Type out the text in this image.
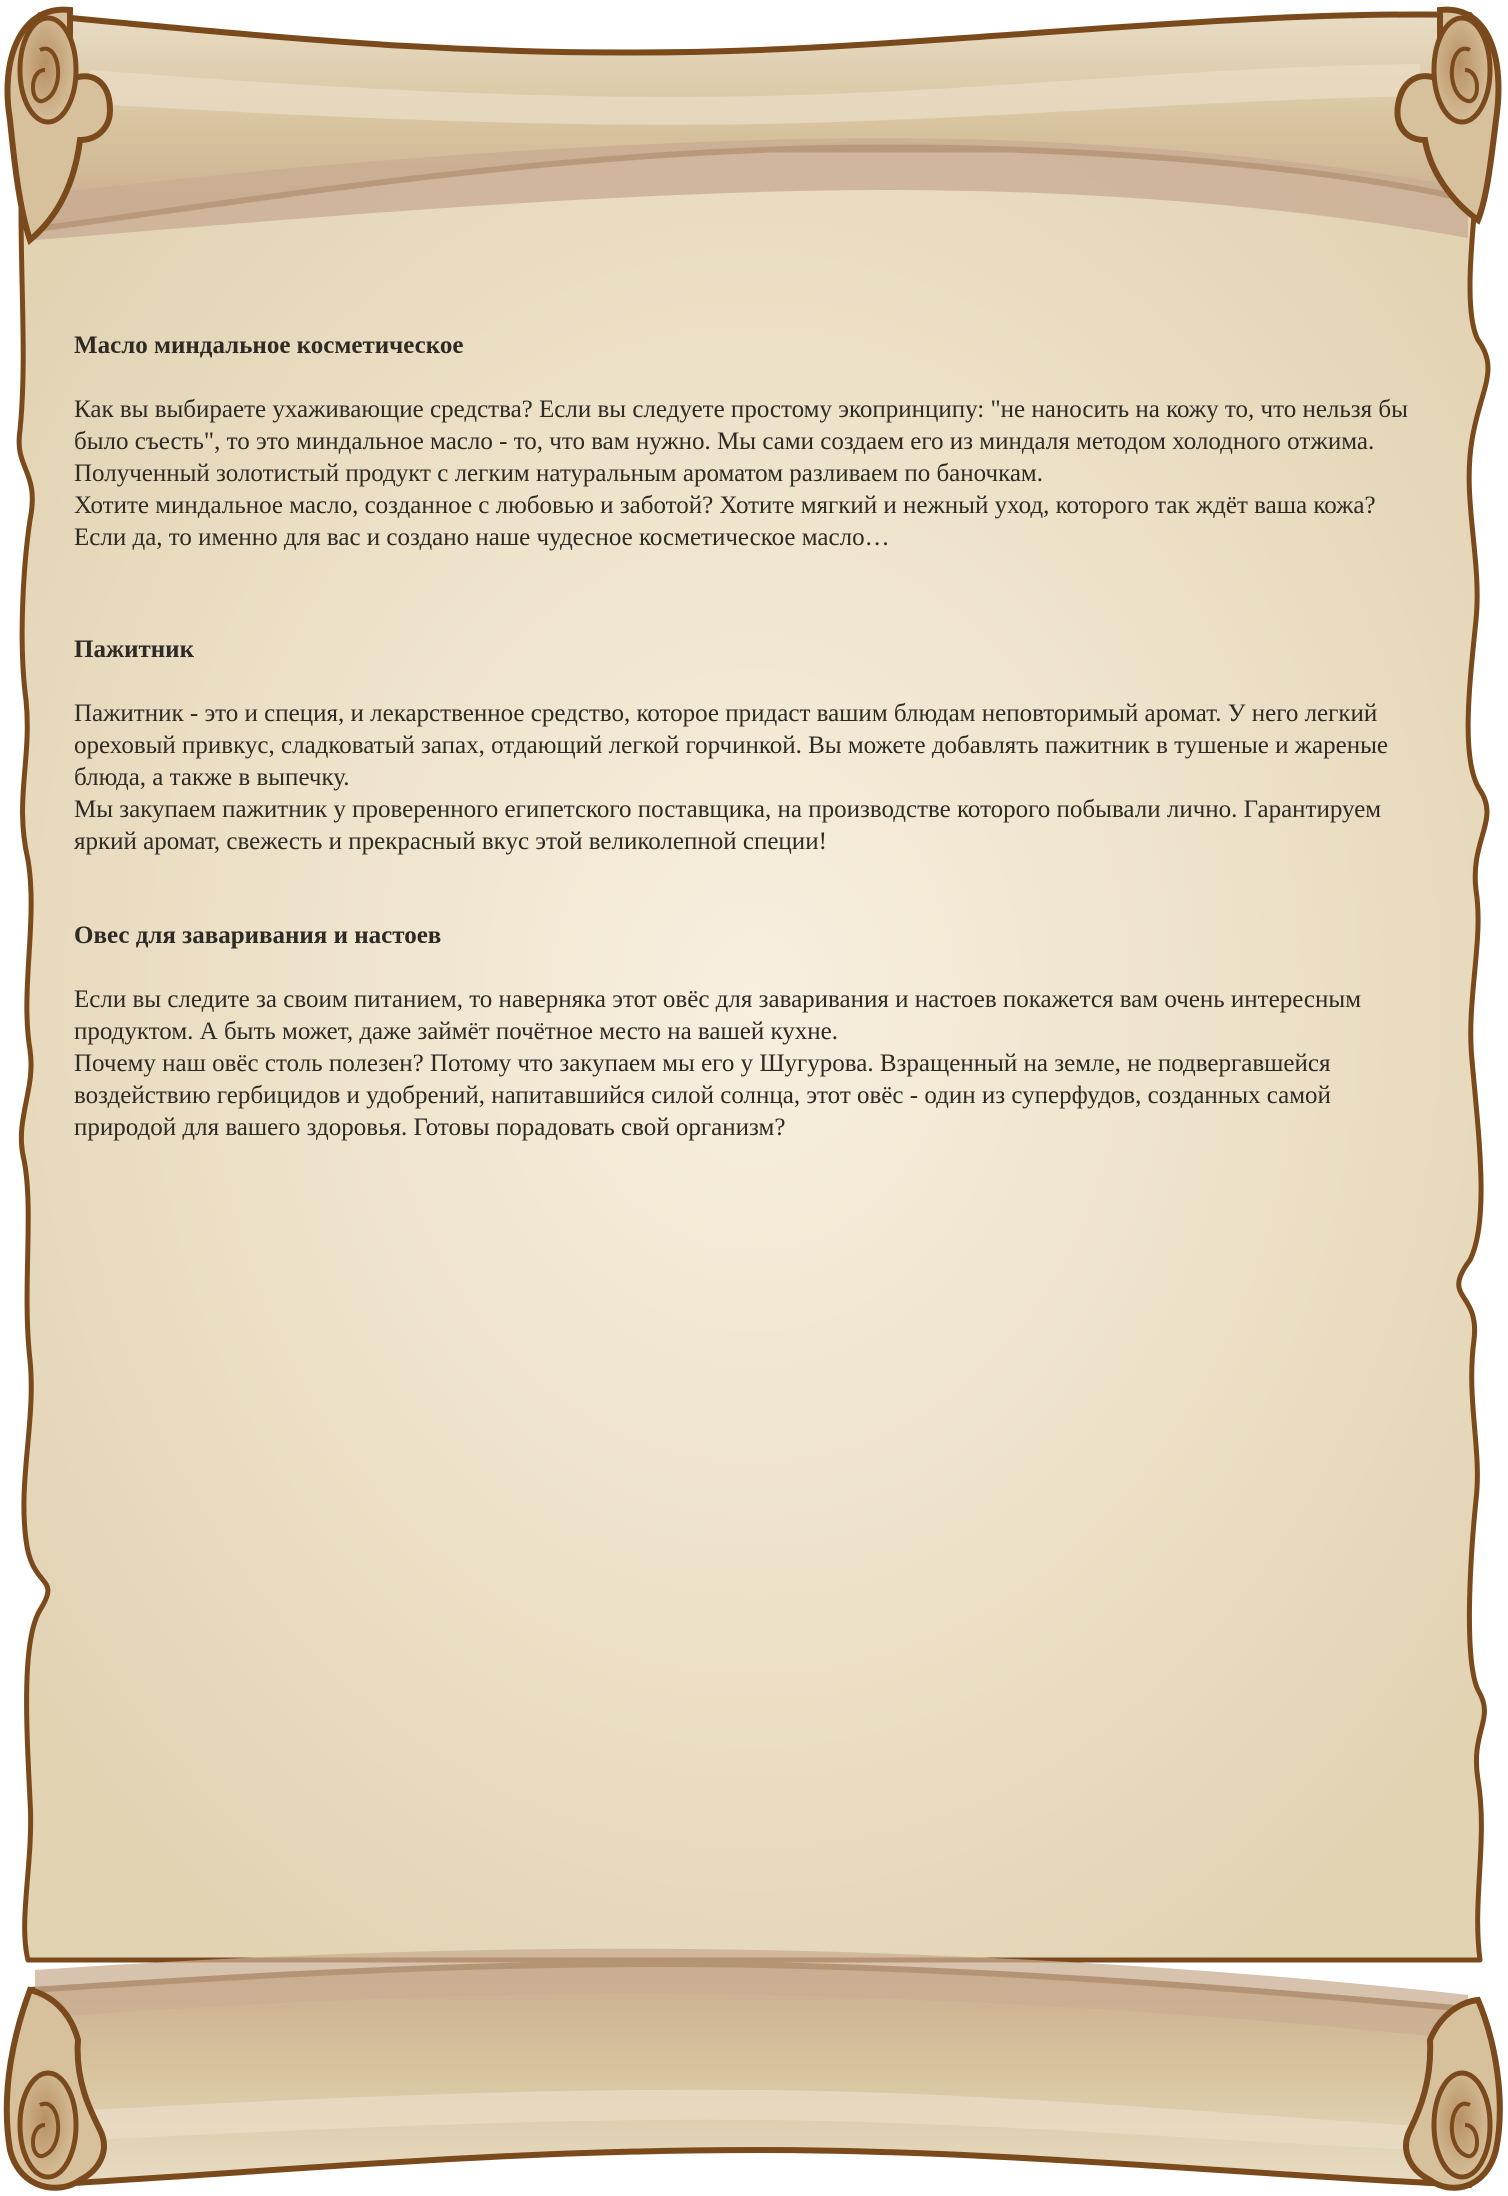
Масло миндальное косметическое

Как вы выбираете ухаживающие средства? Если вы следуете простому экопринципу: "не наносить на кожу то, что нельзя бы было съесть", то это миндальное масло - то, что вам нужно. Мы сами создаем его из миндаля методом холодного отжима. Полученный золотистый продукт с легким натуральным ароматом разливаем по баночкам.

Хотите миндальное масло, созданное с любовью и заботой? Хотите мягкий и нежный уход, которого так ждёт ваша кожа? Если да, то именно для вас и создано наше чудесное косметическое масло…

Пажитник

Пажитник - это и специя, и лекарственное средство, которое придаст вашим блюдам неповторимый аромат. У него легкий ореховый привкус, сладковатый запах, отдающий легкой горчинкой. Вы можете добавлять пажитник в тушеные и жареные блюда, а также в выпечку.

Мы закупаем пажитник у проверенного египетского поставщика, на производстве которого побывали лично. Гарантируем яркий аромат, свежесть и прекрасный вкус этой великолепной специи!

Овес для заваривания и настоев

Если вы следите за своим питанием, то наверняка этот овёс для заваривания и настоев покажется вам очень интересным продуктом. А быть может, даже займёт почётное место на вашей кухне.

Почему наш овёс столь полезен? Потому что закупаем мы его у Шугурова. Взращенный на земле, не подвергавшейся воздействию гербицидов и удобрений, напитавшийся силой солнца, этот овёс - один из суперфудов, созданных самой природой для вашего здоровья. Готовы порадовать свой организм?
